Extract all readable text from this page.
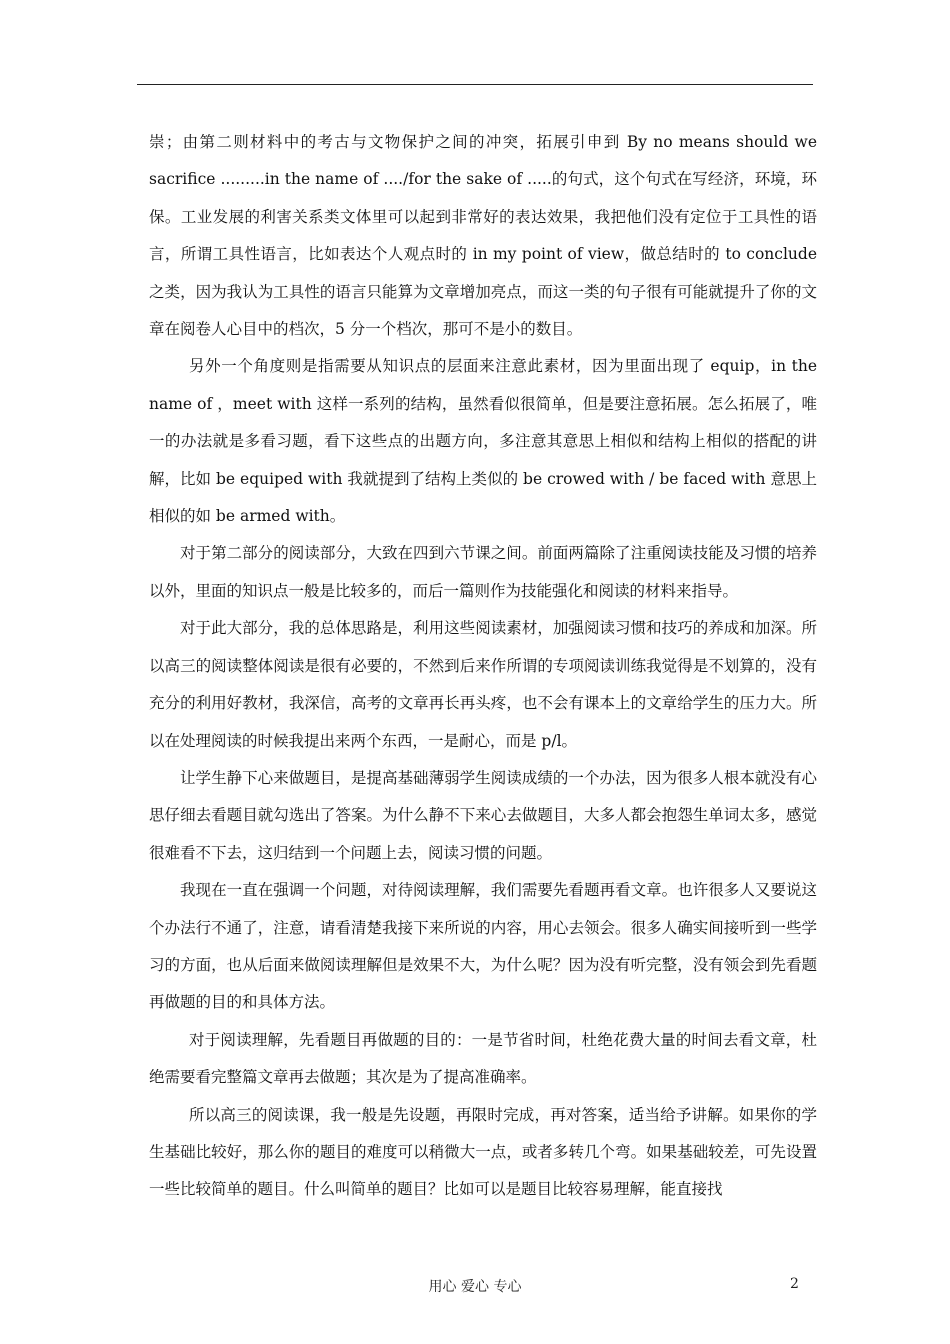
崇；由第二则材料中的考古与文物保护之间的冲突，拓展引申到 By no means should we sacrifice .........in the name of ..../for the sake of .....的句式，这个句式在写经济，环境，环保。工业发展的利害关系类文体里可以起到非常好的表达效果，我把他们没有定位于工具性的语言，所谓工具性语言，比如表达个人观点时的 in my point of view，做总结时的 to conclude 之类，因为我认为工具性的语言只能算为文章增加亮点，而这一类的句子很有可能就提升了你的文章在阅卷人心目中的档次，5 分一个档次，那可不是小的数目。

另外一个角度则是指需要从知识点的层面来注意此素材，因为里面出现了 equip，in the name of ，meet with 这样一系列的结构，虽然看似很简单，但是要注意拓展。怎么拓展了，唯一的办法就是多看习题，看下这些点的出题方向，多注意其意思上相似和结构上相似的搭配的讲解，比如 be equiped with 我就提到了结构上类似的 be crowed with / be faced with 意思上相似的如 be armed with。

对于第二部分的阅读部分，大致在四到六节课之间。前面两篇除了注重阅读技能及习惯的培养以外，里面的知识点一般是比较多的，而后一篇则作为技能强化和阅读的材料来指导。

对于此大部分，我的总体思路是，利用这些阅读素材，加强阅读习惯和技巧的养成和加深。所以高三的阅读整体阅读是很有必要的，不然到后来作所谓的专项阅读训练我觉得是不划算的，没有充分的利用好教材，我深信，高考的文章再长再头疼，也不会有课本上的文章给学生的压力大。所以在处理阅读的时候我提出来两个东西，一是耐心，而是 p/l。

让学生静下心来做题目，是提高基础薄弱学生阅读成绩的一个办法，因为很多人根本就没有心思仔细去看题目就勾选出了答案。为什么静不下来心去做题目，大多人都会抱怨生单词太多，感觉很难看不下去，这归结到一个问题上去，阅读习惯的问题。

我现在一直在强调一个问题，对待阅读理解，我们需要先看题再看文章。也许很多人又要说这个办法行不通了，注意，请看清楚我接下来所说的内容，用心去领会。很多人确实间接听到一些学习的方面，也从后面来做阅读理解但是效果不大，为什么呢？因为没有听完整，没有领会到先看题再做题的目的和具体方法。

对于阅读理解，先看题目再做题的目的：一是节省时间，杜绝花费大量的时间去看文章，杜绝需要看完整篇文章再去做题；其次是为了提高准确率。

所以高三的阅读课，我一般是先设题，再限时完成，再对答案，适当给予讲解。如果你的学生基础比较好，那么你的题目的难度可以稍微大一点，或者多转几个弯。如果基础较差，可先设置一些比较简单的题目。什么叫简单的题目？比如可以是题目比较容易理解，能直接找

用心 爱心 专心	2
